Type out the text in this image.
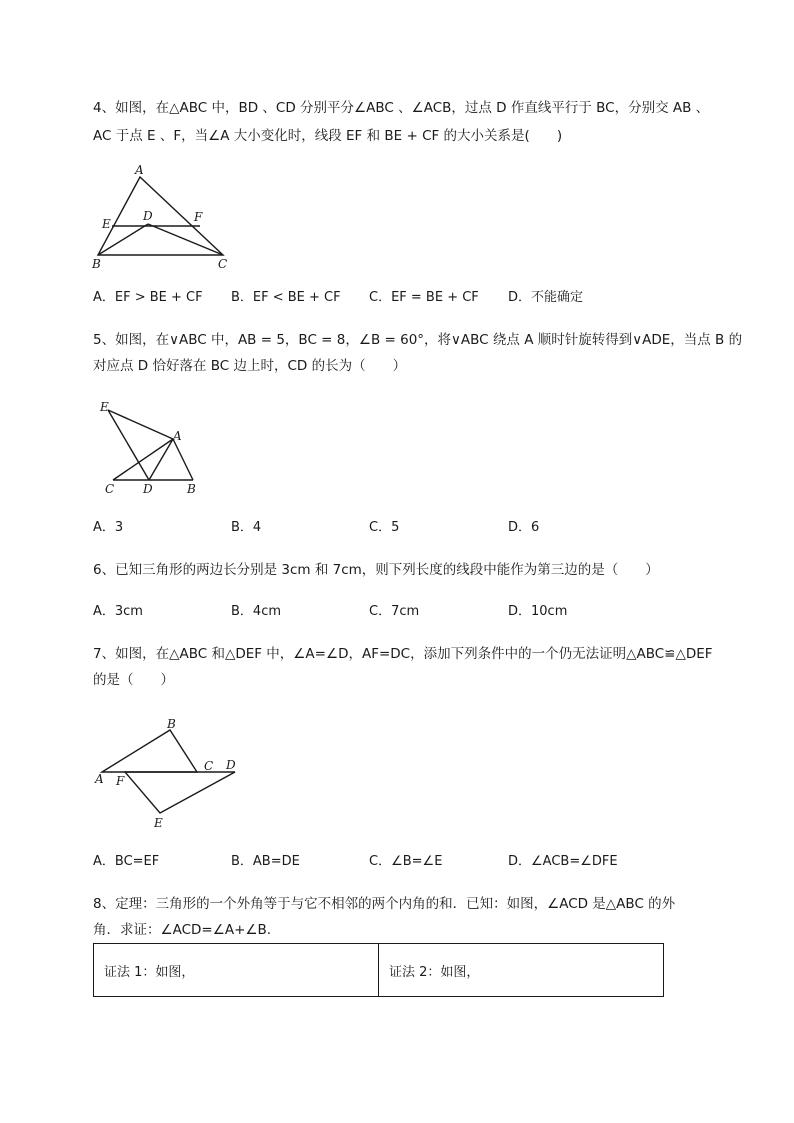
4、如图，在△ABC 中，BD 、CD 分别平分∠ABC 、∠ACB，过点 D 作直线平行于 BC，分别交 AB 、
AC 于点 E 、F，当∠A 大小变化时，线段 EF 和 BE + CF 的大小关系是(　　)
A
E
D	F
B	C
A．EF > BE + CF B．EF < BE + CF C．EF = BE + CF D．不能确定
5、如图，在∨ABC 中，AB = 5，BC = 8，∠B = 60°，将∨ABC 绕点 A 顺时针旋转得到∨ADE，当点 B 的
对应点 D 恰好落在 BC 边上时，CD 的长为（　　）
E
A
C D	B
A．3	B．4	C．5	D．6
6、已知三角形的两边长分别是 3cm 和 7cm，则下列长度的线段中能作为第三边的是（　　）
A．3cm	B．4cm	C．7cm	D．10cm
7、如图，在△ABC 和△DEF 中，∠A=∠D，AF=DC，添加下列条件中的一个仍无法证明△ABC≌△DEF
的是（　　）
B
A F
C D
E
A．BC=EF	B．AB=DE	C．∠B=∠E	D．∠ACB=∠DFE
8、定理：三角形的一个外角等于与它不相邻的两个内角的和．已知：如图，∠ACD 是△ABC 的外
角．求证：∠ACD=∠A+∠B.
证法 1：如图，	证法 2：如图，
